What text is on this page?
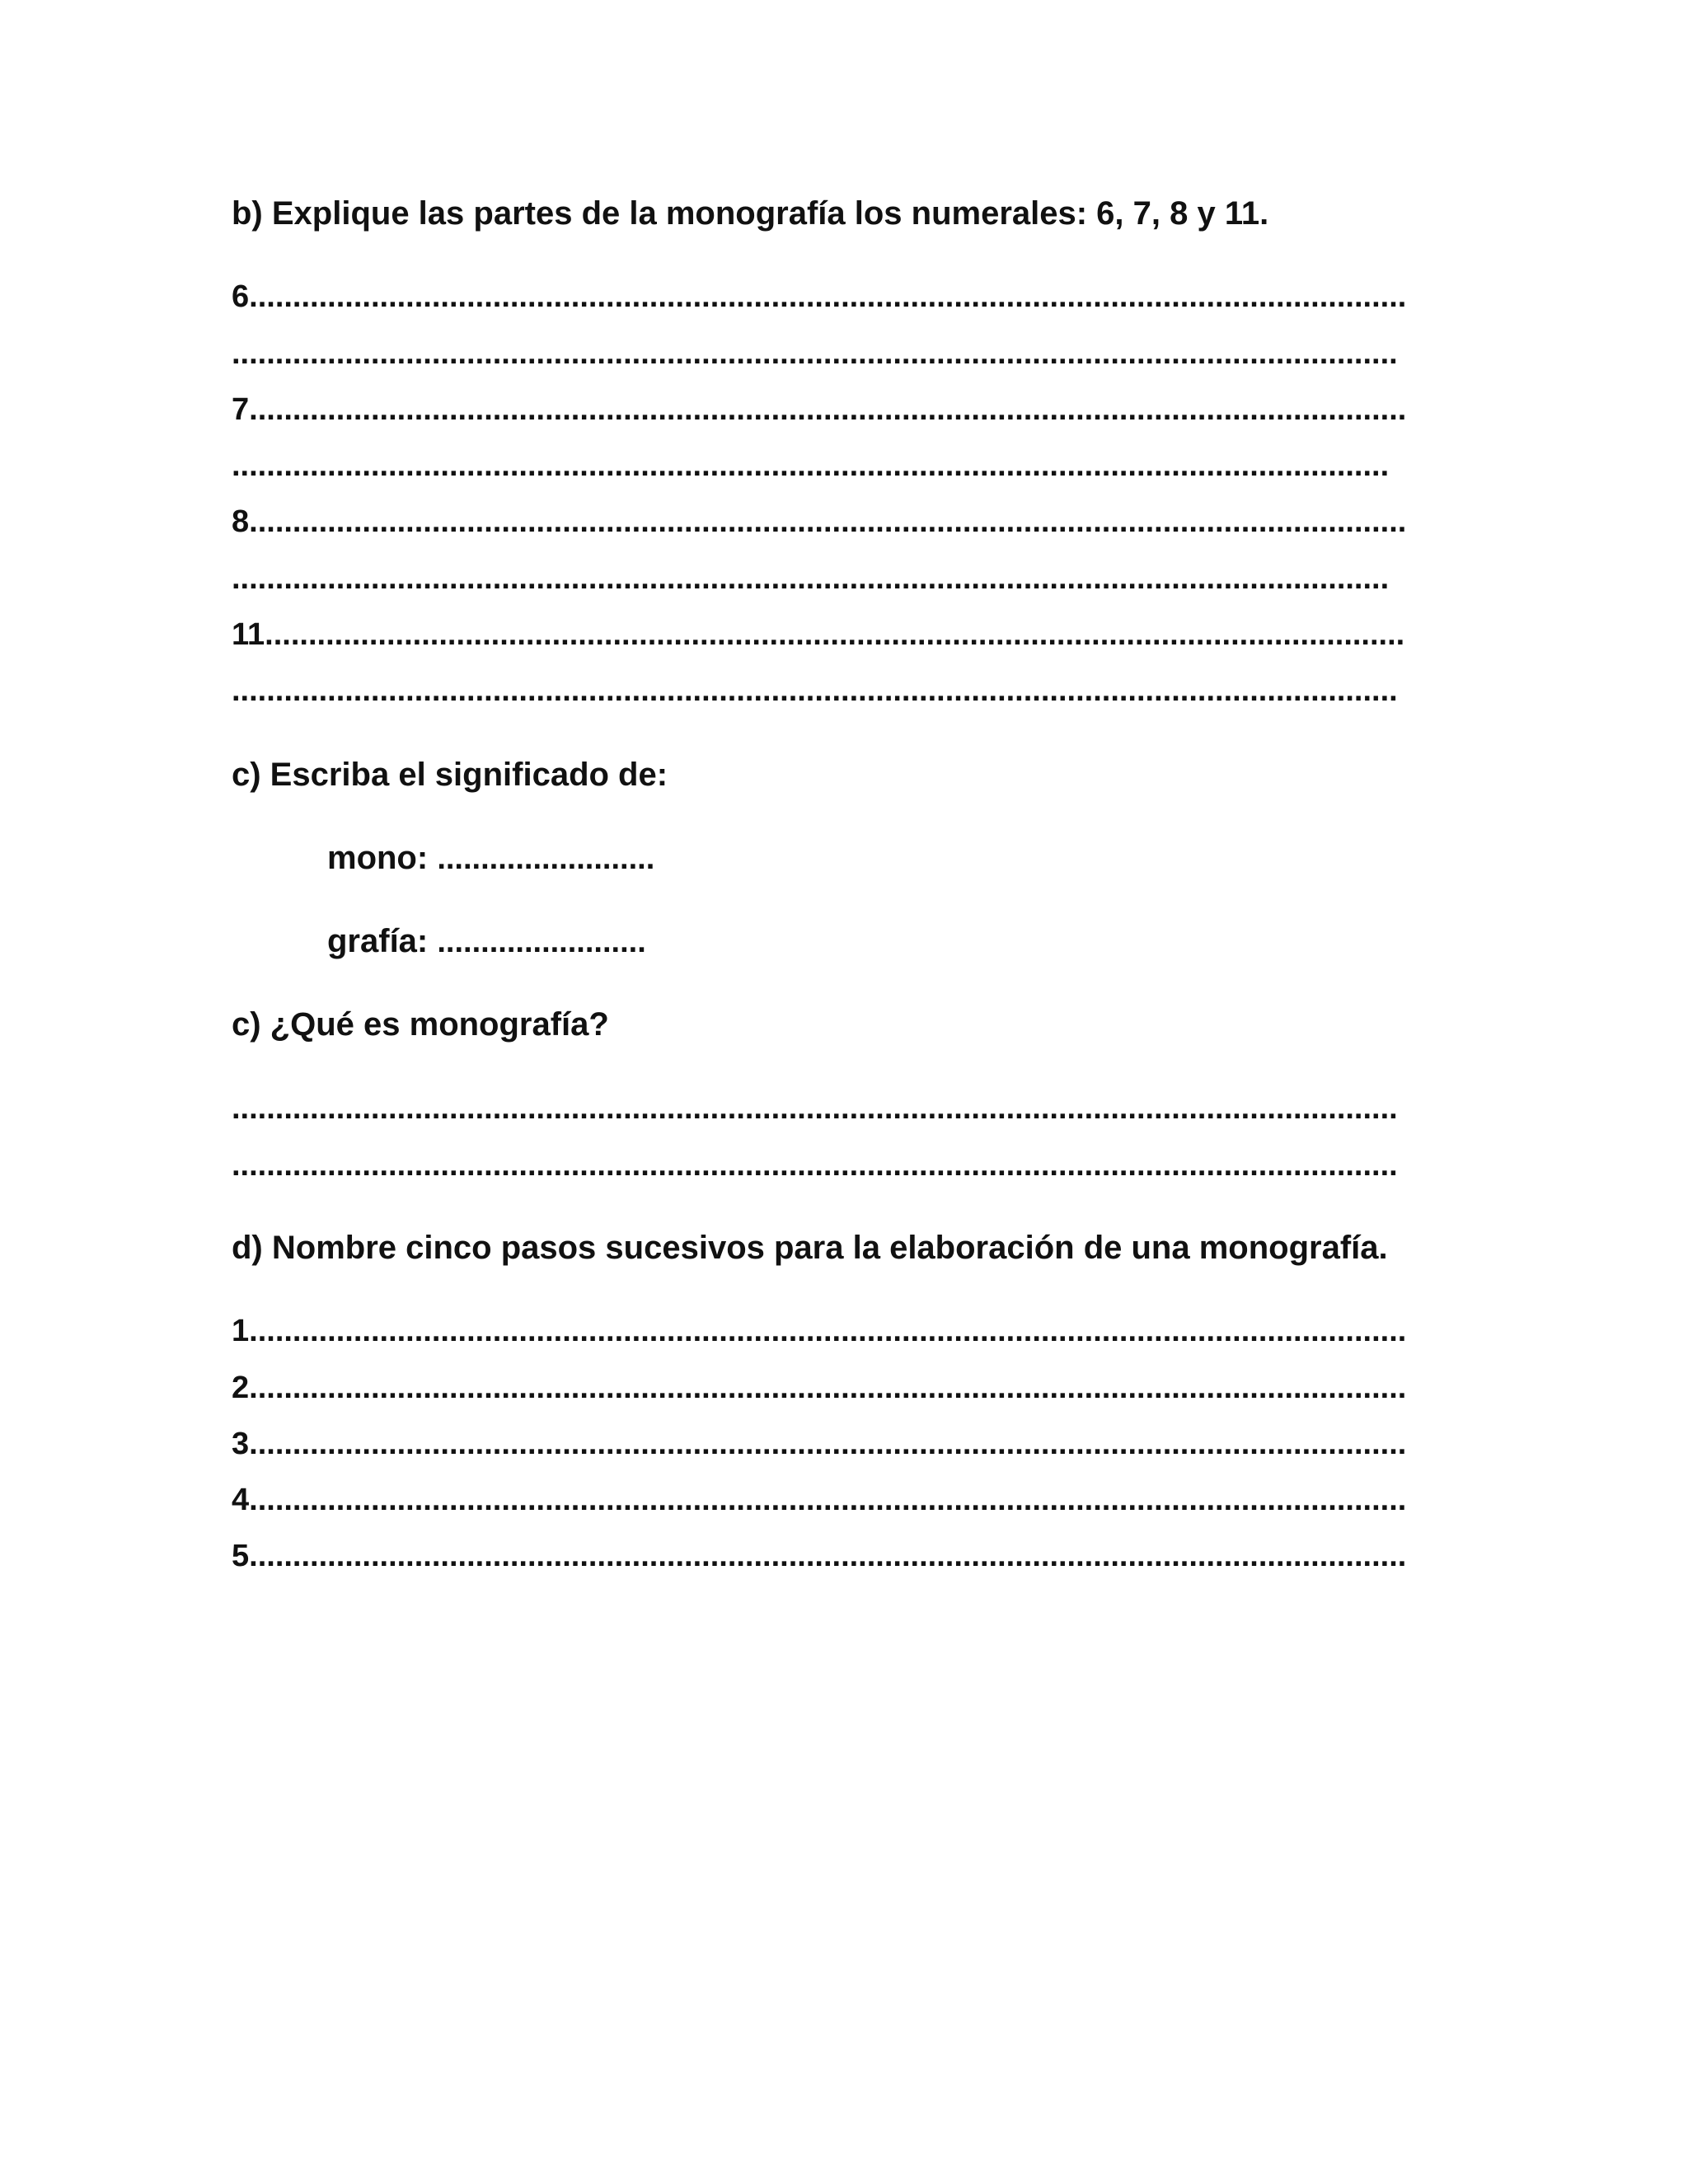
b) Explique las partes de la monografía los numerales: 6, 7, 8 y 11.
6.....................................................................................................................................
......................................................................................................................................
7.....................................................................................................................................
.....................................................................................................................................
8.....................................................................................................................................
.....................................................................................................................................
11...................................................................................................................................
......................................................................................................................................
c) Escriba el significado de:
mono: .........................
grafía: ........................
c) ¿Qué es monografía?
......................................................................................................................................
......................................................................................................................................
d) Nombre cinco pasos sucesivos para la elaboración de una monografía.
1.....................................................................................................................................
2.....................................................................................................................................
3.....................................................................................................................................
4.....................................................................................................................................
5.....................................................................................................................................
